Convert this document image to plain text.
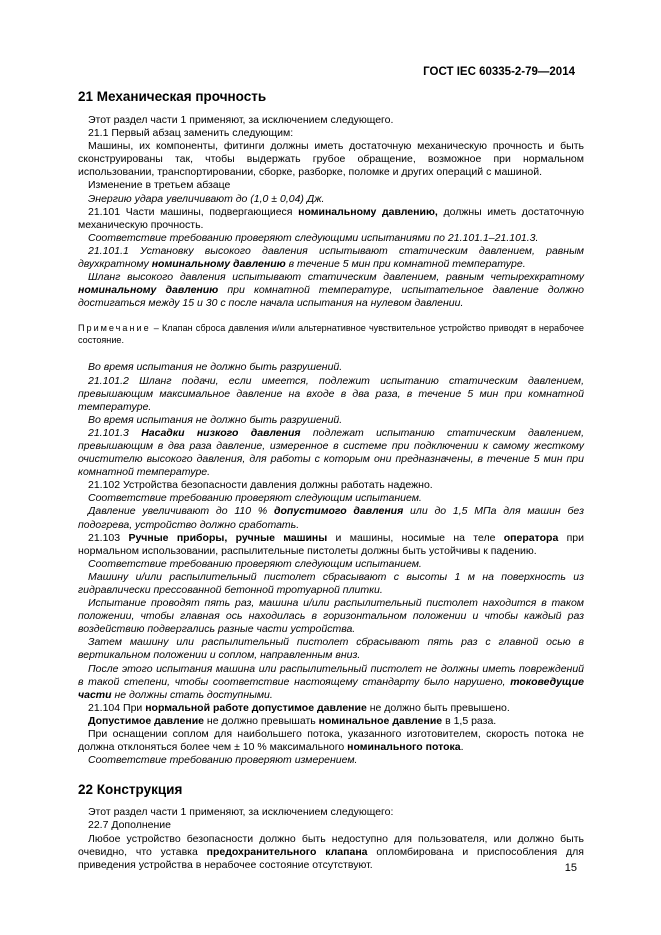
ГОСТ IEC 60335-2-79—2014
21 Механическая прочность

Этот раздел части 1 применяют, за исключением следующего.

21.1 Первый абзац заменить следующим:

Машины, их компоненты, фитинги должны иметь достаточную механическую прочность и быть сконструированы так, чтобы выдержать грубое обращение, возможное при нормальном использовании, транспортировании, сборке, разборке, поломке и других операций с машиной.

Изменение в третьем абзаце

Энергию удара увеличивают до (1,0 ± 0,04) Дж.

21.101 Части машины, подвергающиеся номинальному давлению, должны иметь достаточную механическую прочность.

Соответствие требованию проверяют следующими испытаниями по 21.101.1–21.101.3.

21.101.1 Установку высокого давления испытывают статическим давлением, равным двухкратному номинальному давлению в течение 5 мин при комнатной температуре.

Шланг высокого давления испытывают статическим давлением, равным четырехкратному номинальному давлению при комнатной температуре, испытательное давление должно достигаться между 15 и 30 с после начала испытания на нулевом давлении.

Примечание – Клапан сброса давления и/или альтернативное чувствительное устройство приводят в нерабочее состояние.

Во время испытания не должно быть разрушений.

21.101.2 Шланг подачи, если имеется, подлежит испытанию статическим давлением, превышающим максимальное давление на входе в два раза, в течение 5 мин при комнатной температуре.

Во время испытания не должно быть разрушений.

21.101.3 Насадки низкого давления подлежат испытанию статическим давлением, превышающим в два раза давление, измеренное в системе при подключении к самому жесткому очистителю высокого давления, для работы с которым они предназначены, в течение 5 мин при комнатной температуре.

21.102 Устройства безопасности давления должны работать надежно.

Соответствие требованию проверяют следующим испытанием.

Давление увеличивают до 110 % допустимого давления или до 1,5 МПа для машин без подогрева, устройство должно сработать.

21.103 Ручные приборы, ручные машины и машины, носимые на теле оператора при нормальном использовании, распылительные пистолеты должны быть устойчивы к падению.

Соответствие требованию проверяют следующим испытанием.

Машину и/или распылительный пистолет сбрасывают с высоты 1 м на поверхность из гидравлически прессованной бетонной тротуарной плитки.

Испытание проводят пять раз, машина и/или распылительный пистолет находится в таком положении, чтобы главная ось находилась в горизонтальном положении и чтобы каждый раз воздействию подвергались разные части устройства.

Затем машину или распылительный пистолет сбрасывают пять раз с главной осью в вертикальном положении и соплом, направленным вниз.

После этого испытания машина или распылительный пистолет не должны иметь повреждений в такой степени, чтобы соответствие настоящему стандарту было нарушено, токоведущие части не должны стать доступными.

21.104 При нормальной работе допустимое давление не должно быть превышено.

Допустимое давление не должно превышать номинальное давление в 1,5 раза.

При оснащении соплом для наибольшего потока, указанного изготовителем, скорость потока не должна отклоняться более чем ± 10 % максимального номинального потока.

Соответствие требованию проверяют измерением.

22 Конструкция

Этот раздел части 1 применяют, за исключением следующего:

22.7 Дополнение

Любое устройство безопасности должно быть недоступно для пользователя, или должно быть очевидно, что уставка предохранительного клапана опломбирована и приспособления для приведения устройства в нерабочее состояние отсутствуют.	15
